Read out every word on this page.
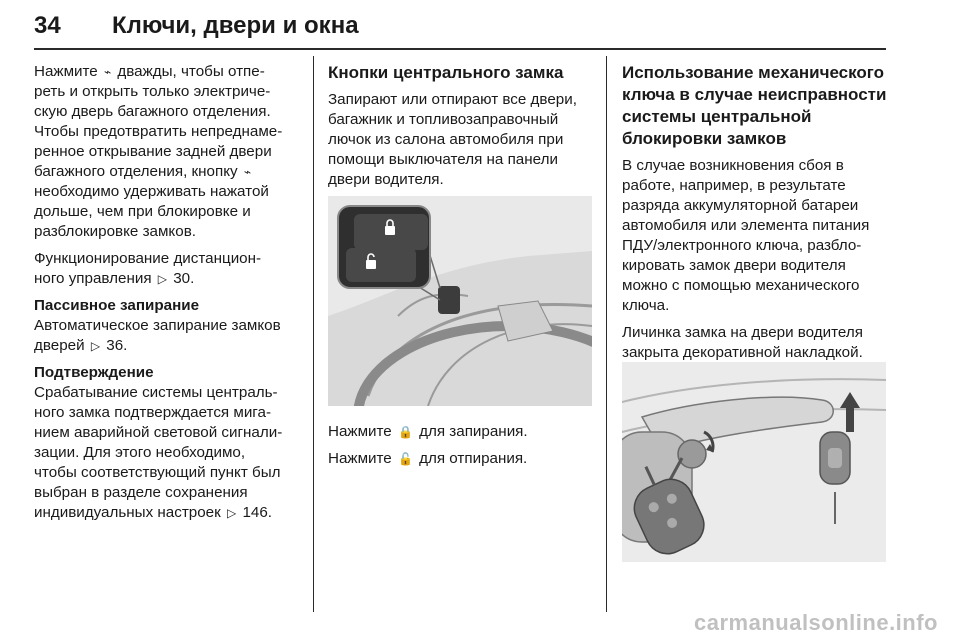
34 Ключи, двери и окна

Нажмите ⌁ дважды, чтобы отпе-
реть и открыть только электриче-
скую дверь багажного отделения.
Чтобы предотвратить непреднаме-
ренное открывание задней двери
багажного отделения, кнопку ⌁
необходимо удерживать нажатой
дольше, чем при блокировке и
разблокировке замков.

Функционирование дистанцион-
ного управления ▷ 30.

Пассивное запирание

Автоматическое запирание замков
дверей ▷ 36.

Подтверждение

Срабатывание системы централь-
ного замка подтверждается мига-
нием аварийной световой сигнали-
зации. Для этого необходимо,
чтобы соответствующий пункт был
выбран в разделе сохранения
индивидуальных настроек ▷ 146.

Кнопки центрального замка

Запирают или отпирают все двери,
багажник и топливозаправочный
лючок из салона автомобиля при
помощи выключателя на панели
двери водителя.

Нажмите 🔒 для запирания.

Нажмите 🔓 для отпирания.

Использование механического
ключа в случае неисправности
системы центральной
блокировки замков

В случае возникновения сбоя в
работе, например, в результате
разряда аккумуляторной батареи
автомобиля или элемента питания
ПДУ/электронного ключа, разбло-
кировать замок двери водителя
можно с помощью механического
ключа.

Личинка замка на двери водителя
закрыта декоративной накладкой.

carmanualsonline.info
